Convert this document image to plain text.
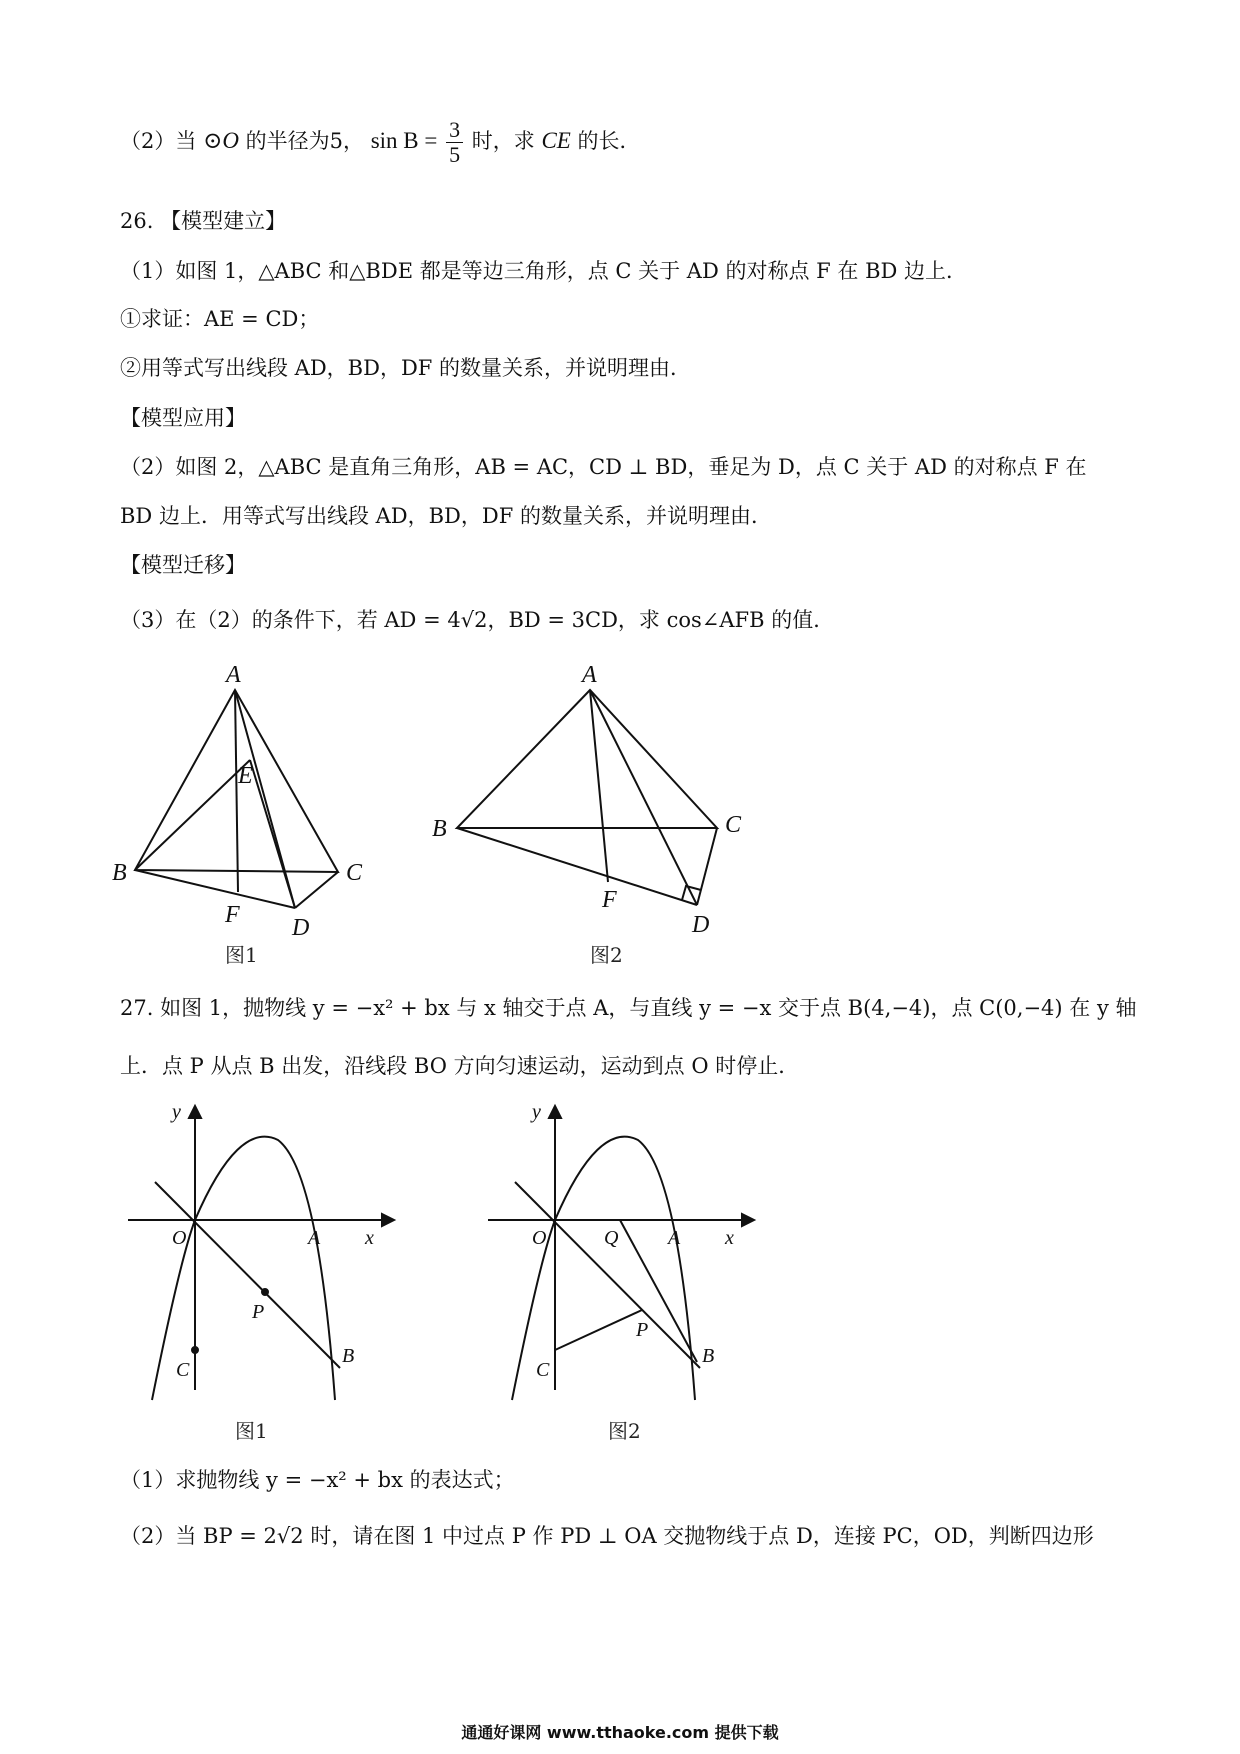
（2）当 ⊙O 的半径为5， $\sin B = \frac{3}{5}$ 时，求 CE 的长．
26. 【模型建立】
（1）如图 1，△ABC 和△BDE 都是等边三角形，点 C 关于 AD 的对称点 F 在 BD 边上．
①求证：AE = CD；
②用等式写出线段 AD，BD，DF 的数量关系，并说明理由．
【模型应用】
（2）如图 2，△ABC 是直角三角形，AB = AC，CD ⊥ BD，垂足为 D，点 C 关于 AD 的对称点 F 在
BD 边上．用等式写出线段 AD，BD，DF 的数量关系，并说明理由．
【模型迁移】
（3）在（2）的条件下，若 AD = 4√2，BD = 3CD，求 cos∠AFB 的值．
A
E
B	C
F D
图1
A
B	C
F
D
图2
27. 如图 1，抛物线 y = −x² + bx 与 x 轴交于点 A，与直线 y = −x 交于点 B(4,−4)，点 C(0,−4) 在 y 轴
上．点 P 从点 B 出发，沿线段 BO 方向匀速运动，运动到点 O 时停止．
y
O	A x
P
C
B
图1
y
O	Q A x
P
C
B
图2
（1）求抛物线 y = −x² + bx 的表达式；
（2）当 BP = 2√2 时，请在图 1 中过点 P 作 PD ⊥ OA 交抛物线于点 D，连接 PC，OD，判断四边形
通通好课网 www.tthaoke.com 提供下载
